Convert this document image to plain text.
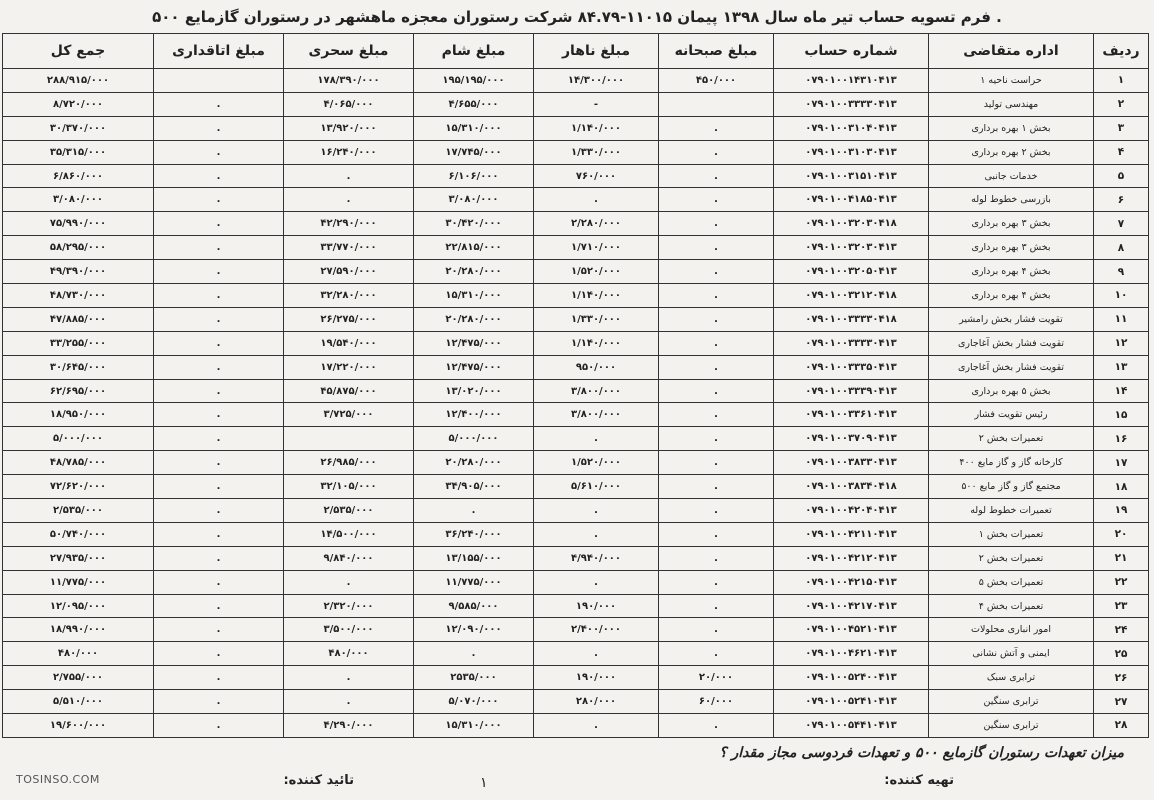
. فرم تسویه حساب تیر ماه سال ۱۳۹۸ پیمان ۱۱۰۱۵-۸۴.۷۹ شرکت رستوران معجزه ماهشهر در رستوران گازمایع ۵۰۰
ردیف	اداره متقاضی	شماره حساب	مبلغ صبحانه	مبلغ ناهار	مبلغ شام	مبلغ سحری	مبلغ اتاقداری	جمع کل
۱	حراست ناحیه ۱	۰۷۹۰۱۰۰۱۴۳۱۰۴۱۳	۴۵۰/۰۰۰	۱۴/۳۰۰/۰۰۰	۱۹۵/۱۹۵/۰۰۰	۱۷۸/۳۹۰/۰۰۰		۲۸۸/۹۱۵/۰۰۰
۲	مهندسی تولید	۰۷۹۰۱۰۰۳۳۳۳۰۴۱۳		-	۴/۶۵۵/۰۰۰	۴/۰۶۵/۰۰۰	.	۸/۷۲۰/۰۰۰
۳	بخش ۱ بهره برداری	۰۷۹۰۱۰۰۳۱۰۴۰۴۱۳	.	۱/۱۴۰/۰۰۰	۱۵/۳۱۰/۰۰۰	۱۳/۹۲۰/۰۰۰	.	۳۰/۳۷۰/۰۰۰
۴	بخش ۲ بهره برداری	۰۷۹۰۱۰۰۳۱۰۳۰۴۱۳	.	۱/۳۳۰/۰۰۰	۱۷/۷۴۵/۰۰۰	۱۶/۲۴۰/۰۰۰	.	۳۵/۳۱۵/۰۰۰
۵	خدمات جانبی	۰۷۹۰۱۰۰۳۱۵۱۰۴۱۳	.	۷۶۰/۰۰۰	۶/۱۰۶/۰۰۰	.	.	۶/۸۶۰/۰۰۰
۶	بازرسی خطوط لوله	۰۷۹۰۱۰۰۴۱۸۵۰۴۱۳	.	.	۳/۰۸۰/۰۰۰	.	.	۳/۰۸۰/۰۰۰
۷	بخش ۳ بهره برداری	۰۷۹۰۱۰۰۳۲۰۳۰۴۱۸	.	۲/۲۸۰/۰۰۰	۳۰/۴۲۰/۰۰۰	۴۲/۲۹۰/۰۰۰	.	۷۵/۹۹۰/۰۰۰
۸	بخش ۳ بهره برداری	۰۷۹۰۱۰۰۳۲۰۳۰۴۱۳	.	۱/۷۱۰/۰۰۰	۲۲/۸۱۵/۰۰۰	۳۳/۷۷۰/۰۰۰	.	۵۸/۲۹۵/۰۰۰
۹	بخش ۴ بهره برداری	۰۷۹۰۱۰۰۳۲۰۵۰۴۱۳	.	۱/۵۲۰/۰۰۰	۲۰/۲۸۰/۰۰۰	۲۷/۵۹۰/۰۰۰	.	۴۹/۳۹۰/۰۰۰
۱۰	بخش ۴ بهره برداری	۰۷۹۰۱۰۰۳۲۱۲۰۴۱۸	.	۱/۱۴۰/۰۰۰	۱۵/۳۱۰/۰۰۰	۳۲/۲۸۰/۰۰۰	.	۴۸/۷۳۰/۰۰۰
۱۱	تقویت فشار بخش رامشیر	۰۷۹۰۱۰۰۳۳۳۳۰۴۱۸	.	۱/۳۳۰/۰۰۰	۲۰/۲۸۰/۰۰۰	۲۶/۲۷۵/۰۰۰	.	۴۷/۸۸۵/۰۰۰
۱۲	تقویت فشار بخش آغاجاری	۰۷۹۰۱۰۰۳۳۳۳۰۴۱۳	.	۱/۱۴۰/۰۰۰	۱۲/۴۷۵/۰۰۰	۱۹/۵۴۰/۰۰۰	.	۳۳/۲۵۵/۰۰۰
۱۳	تقویت فشار بخش آغاجاری	۰۷۹۰۱۰۰۳۳۳۵۰۴۱۳	.	۹۵۰/۰۰۰	۱۲/۴۷۵/۰۰۰	۱۷/۲۲۰/۰۰۰	.	۳۰/۶۴۵/۰۰۰
۱۴	بخش ۵ بهره برداری	۰۷۹۰۱۰۰۳۳۳۹۰۴۱۳	.	۳/۸۰۰/۰۰۰	۱۳/۰۲۰/۰۰۰	۴۵/۸۷۵/۰۰۰	.	۶۲/۶۹۵/۰۰۰
۱۵	رئیس تقویت فشار	۰۷۹۰۱۰۰۳۳۶۱۰۴۱۳	.	۳/۸۰۰/۰۰۰	۱۲/۴۰۰/۰۰۰	۳/۷۲۵/۰۰۰	.	۱۸/۹۵۰/۰۰۰
۱۶	تعمیرات بخش ۲	۰۷۹۰۱۰۰۳۷۰۹۰۴۱۳	.	.	۵/۰۰۰/۰۰۰		.	۵/۰۰۰/۰۰۰
۱۷	کارخانه گاز و گاز مایع ۴۰۰	۰۷۹۰۱۰۰۳۸۳۳۰۴۱۳	.	۱/۵۲۰/۰۰۰	۲۰/۲۸۰/۰۰۰	۲۶/۹۸۵/۰۰۰	.	۴۸/۷۸۵/۰۰۰
۱۸	مجتمع گاز و گاز مایع ۵۰۰	۰۷۹۰۱۰۰۳۸۳۴۰۴۱۸	.	۵/۶۱۰/۰۰۰	۳۴/۹۰۵/۰۰۰	۳۲/۱۰۵/۰۰۰	.	۷۲/۶۲۰/۰۰۰
۱۹	تعمیرات خطوط لوله	۰۷۹۰۱۰۰۴۲۰۴۰۴۱۳	.	.	.	۲/۵۳۵/۰۰۰	.	۲/۵۳۵/۰۰۰
۲۰	تعمیرات بخش ۱	۰۷۹۰۱۰۰۴۲۱۱۰۴۱۳	.	.	۳۶/۲۴۰/۰۰۰	۱۴/۵۰۰/۰۰۰	.	۵۰/۷۴۰/۰۰۰
۲۱	تعمیرات بخش ۲	۰۷۹۰۱۰۰۴۲۱۲۰۴۱۳	.	۴/۹۴۰/۰۰۰	۱۳/۱۵۵/۰۰۰	۹/۸۴۰/۰۰۰	.	۲۷/۹۳۵/۰۰۰
۲۲	تعمیرات بخش ۵	۰۷۹۰۱۰۰۴۲۱۵۰۴۱۳	.	.	۱۱/۷۷۵/۰۰۰	.	.	۱۱/۷۷۵/۰۰۰
۲۳	تعمیرات بخش ۴	۰۷۹۰۱۰۰۴۲۱۷۰۴۱۳	.	۱۹۰/۰۰۰	۹/۵۸۵/۰۰۰	۲/۳۲۰/۰۰۰	.	۱۲/۰۹۵/۰۰۰
۲۴	امور انباری محلولات	۰۷۹۰۱۰۰۴۵۲۱۰۴۱۳	.	۲/۴۰۰/۰۰۰	۱۲/۰۹۰/۰۰۰	۳/۵۰۰/۰۰۰	.	۱۸/۹۹۰/۰۰۰
۲۵	ایمنی و آتش نشانی	۰۷۹۰۱۰۰۴۶۲۱۰۴۱۳	.	.	.	۴۸۰/۰۰۰	.	۴۸۰/۰۰۰
۲۶	ترابری سبک	۰۷۹۰۱۰۰۵۲۴۰۰۴۱۳	۲۰/۰۰۰	۱۹۰/۰۰۰	۲۵۳۵/۰۰۰	.	.	۲/۷۵۵/۰۰۰
۲۷	ترابری سنگین	۰۷۹۰۱۰۰۵۲۴۱۰۴۱۳	۶۰/۰۰۰	۲۸۰/۰۰۰	۵/۰۷۰/۰۰۰	.	.	۵/۵۱۰/۰۰۰
۲۸	ترابری سنگین	۰۷۹۰۱۰۰۵۴۴۱۰۴۱۳	.	.	۱۵/۳۱۰/۰۰۰	۴/۲۹۰/۰۰۰	.	۱۹/۶۰۰/۰۰۰
میزان تعهدات رستوران گازمایع ۵۰۰ و تعهدات فردوسی مجاز مقدار ؟
تهیه کننده:
تائید کننده:	۱
TOSINSO.COM
